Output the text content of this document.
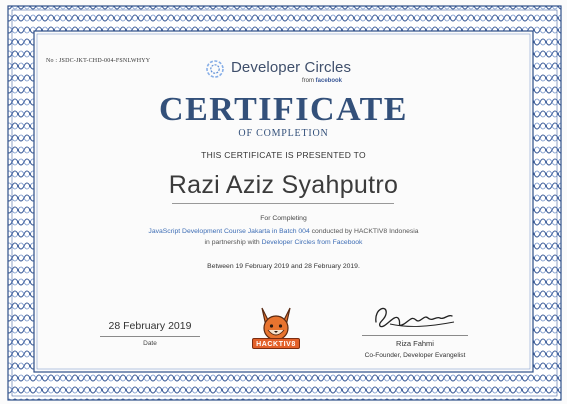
No : JSDC-JKT-CHD-004-FSNLWHYY	Developer Circles
from facebook
CERTIFICATE
OF COMPLETION
THIS CERTIFICATE IS PRESENTED TO
Razi Aziz Syahputro
For Completing
JavaScript Development Course Jakarta in Batch 004 conducted by HACKTIV8 Indonesia
in partnership with Developer Circles from Facebook
Between 19 February 2019 and 28 February 2019.
28 February 2019
Date	HACKTIV8	Riza Fahmi
Co-Founder, Developer Evangelist
